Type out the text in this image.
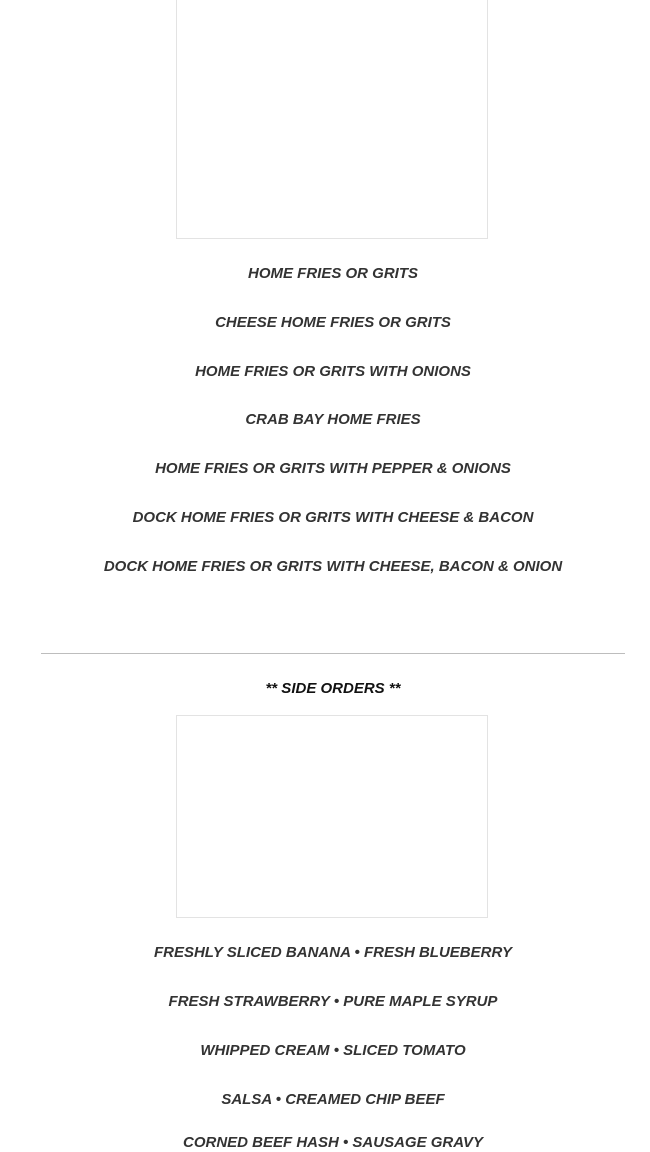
HOME FRIES OR GRITS
CHEESE HOME FRIES OR GRITS
HOME FRIES OR GRITS WITH ONIONS
CRAB BAY HOME FRIES
HOME FRIES OR GRITS WITH PEPPER & ONIONS
DOCK HOME FRIES OR GRITS WITH CHEESE & BACON
DOCK HOME FRIES OR GRITS WITH CHEESE, BACON & ONION
** SIDE ORDERS **
FRESHLY SLICED BANANA • FRESH BLUEBERRY
FRESH STRAWBERRY • PURE MAPLE SYRUP
WHIPPED CREAM • SLICED TOMATO
SALSA • CREAMED CHIP BEEF
CORNED BEEF HASH • SAUSAGE GRAVY
